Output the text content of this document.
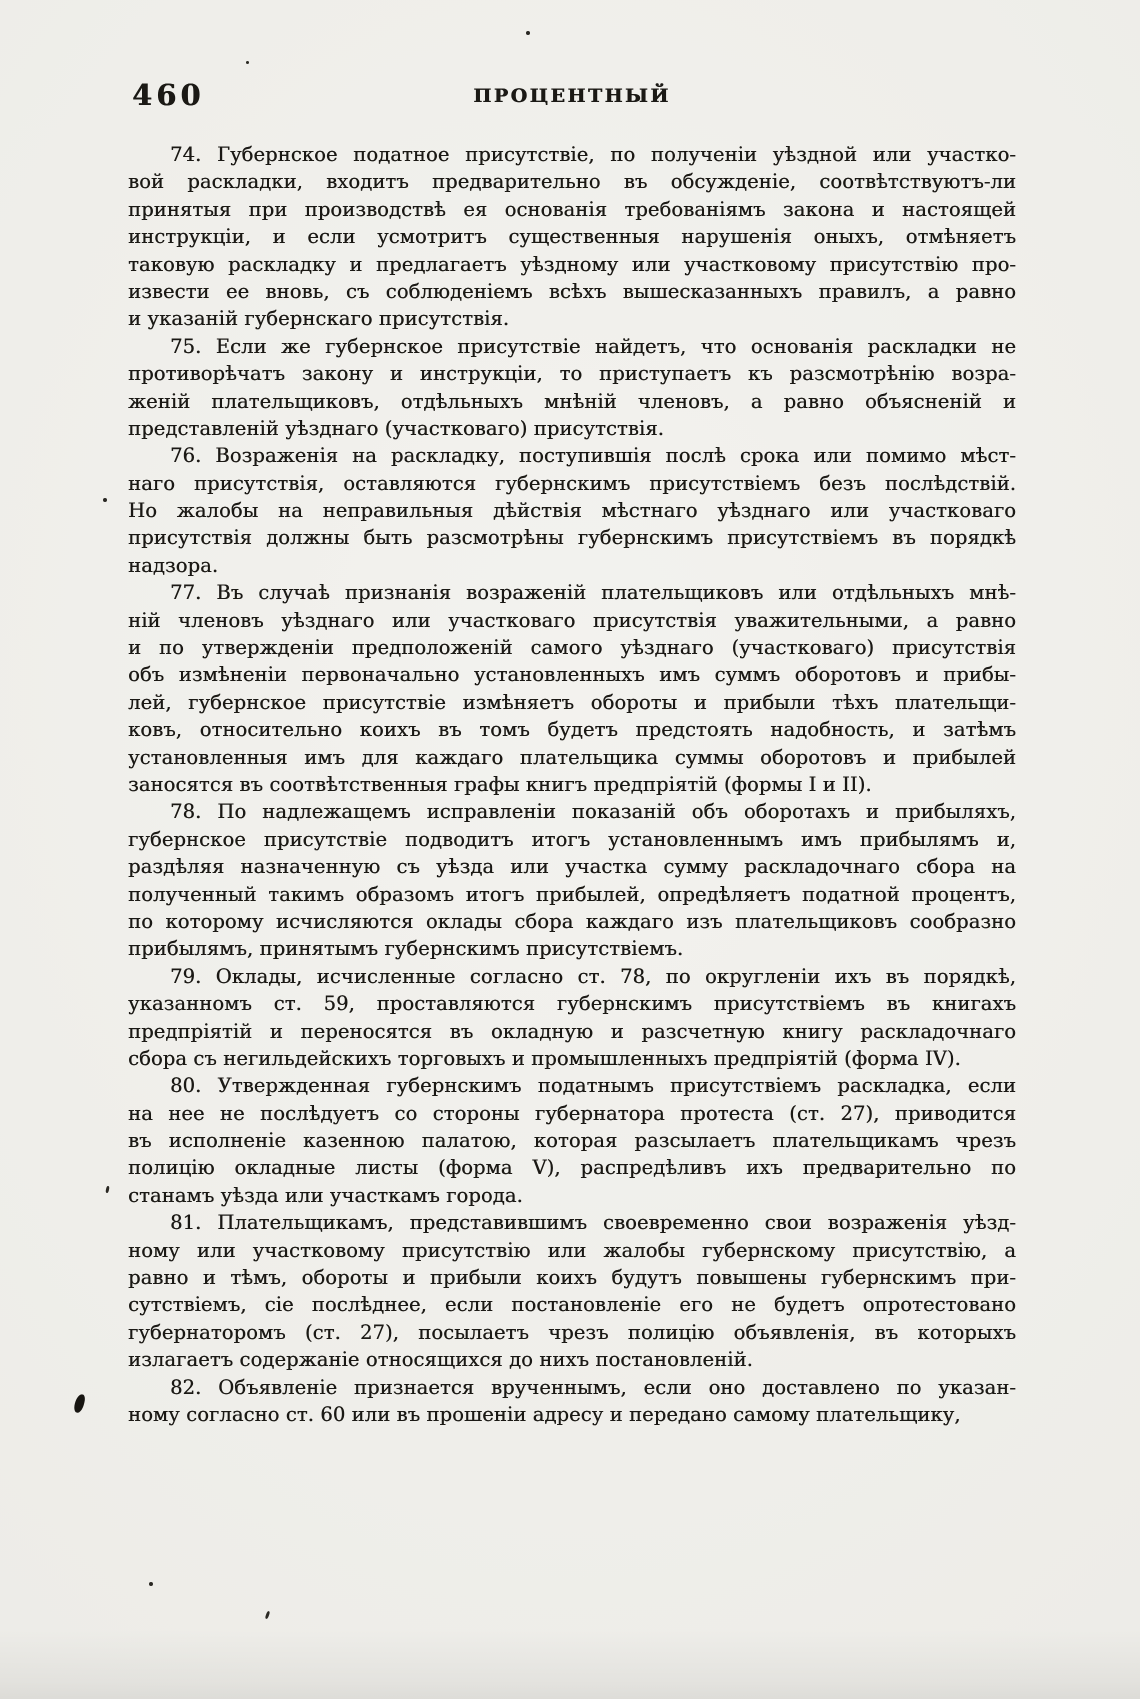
460	ПРОЦЕНТНЫЙ
74. Губернское податное присутствіе, по полученіи уѣздной или участко-
вой раскладки, входитъ предварительно въ обсужденіе, соотвѣтствуютъ-ли
принятыя при производствѣ ея основанія требованіямъ закона и настоящей
инструкціи, и если усмотритъ существенныя нарушенія оныхъ, отмѣняетъ
таковую раскладку и предлагаетъ уѣздному или участковому присутствію про-
извести ее вновь, съ соблюденіемъ всѣхъ вышесказанныхъ правилъ, а равно
и указаній губернскаго присутствія.
75. Если же губернское присутствіе найдетъ, что основанія раскладки не
противорѣчатъ закону и инструкціи, то приступаетъ къ разсмотрѣнію возра-
женій плательщиковъ, отдѣльныхъ мнѣній членовъ, а равно объясненій и
представленій уѣзднаго (участковаго) присутствія.
76. Возраженія на раскладку, поступившія послѣ срока или помимо мѣст-
наго присутствія, оставляются губернскимъ присутствіемъ безъ послѣдствій.
Но жалобы на неправильныя дѣйствія мѣстнаго уѣзднаго или участковаго
присутствія должны быть разсмотрѣны губернскимъ присутствіемъ въ порядкѣ
надзора.
77. Въ случаѣ признанія возраженій плательщиковъ или отдѣльныхъ мнѣ-
ній членовъ уѣзднаго или участковаго присутствія уважительными, а равно
и по утвержденіи предположеній самого уѣзднаго (участковаго) присутствія
объ измѣненіи первоначально установленныхъ имъ суммъ оборотовъ и прибы-
лей, губернское присутствіе измѣняетъ обороты и прибыли тѣхъ плательщи-
ковъ, относительно коихъ въ томъ будетъ предстоять надобность, и затѣмъ
установленныя имъ для каждаго плательщика суммы оборотовъ и прибылей
заносятся въ соотвѣтственныя графы книгъ предпріятій (формы I и II).
78. По надлежащемъ исправленіи показаній объ оборотахъ и прибыляхъ,
губернское присутствіе подводитъ итогъ установленнымъ имъ прибылямъ и,
раздѣляя назначенную съ уѣзда или участка сумму раскладочнаго сбора на
полученный такимъ образомъ итогъ прибылей, опредѣляетъ податной процентъ,
по которому исчисляются оклады сбора каждаго изъ плательщиковъ сообразно
прибылямъ, принятымъ губернскимъ присутствіемъ.
79. Оклады, исчисленные согласно ст. 78, по округленіи ихъ въ порядкѣ,
указанномъ ст. 59, проставляются губернскимъ присутствіемъ въ книгахъ
предпріятій и переносятся въ окладную и разсчетную книгу раскладочнаго
сбора съ негильдейскихъ торговыхъ и промышленныхъ предпріятій (форма IV).
80. Утвержденная губернскимъ податнымъ присутствіемъ раскладка, если
на нее не послѣдуетъ со стороны губернатора протеста (ст. 27), приводится
въ исполненіе казенною палатою, которая разсылаетъ плательщикамъ чрезъ
полицію окладные листы (форма V), распредѣливъ ихъ предварительно по
станамъ уѣзда или участкамъ города.
81. Плательщикамъ, представившимъ своевременно свои возраженія уѣзд-
ному или участковому присутствію или жалобы губернскому присутствію, а
равно и тѣмъ, обороты и прибыли коихъ будутъ повышены губернскимъ при-
сутствіемъ, сіе послѣднее, если постановленіе его не будетъ опротестовано
губернаторомъ (ст. 27), посылаетъ чрезъ полицію объявленія, въ которыхъ
излагаетъ содержаніе относящихся до нихъ постановленій.
82. Объявленіе признается врученнымъ, если оно доставлено по указан-
ному согласно ст. 60 или въ прошеніи адресу и передано самому плательщику,
